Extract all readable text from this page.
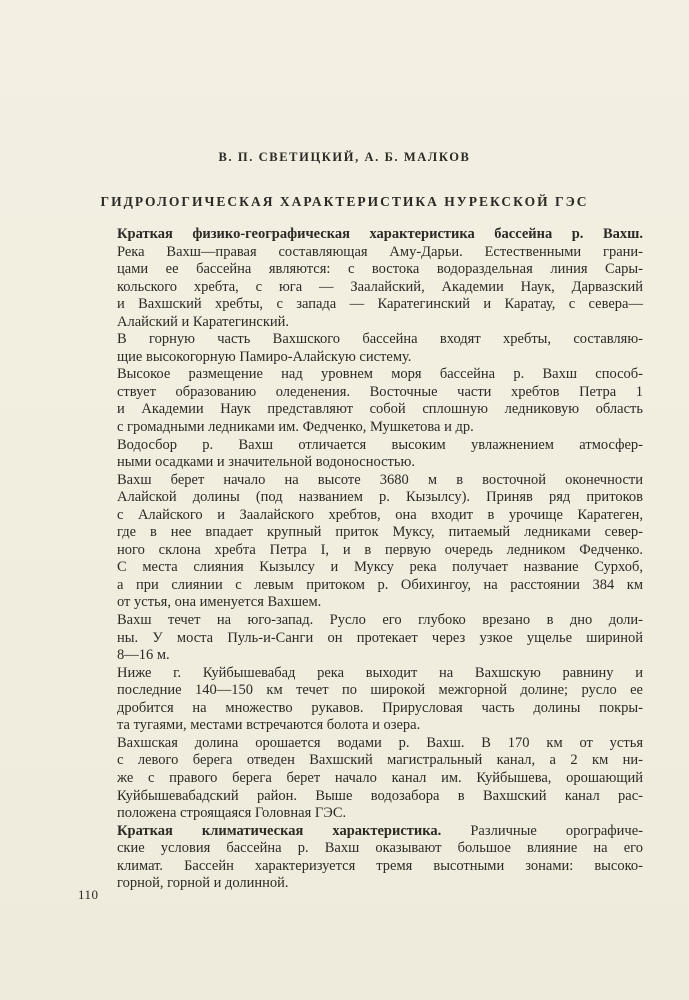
В. П. СВЕТИЦКИЙ, А. Б. МАЛКОВ
ГИДРОЛОГИЧЕСКАЯ ХАРАКТЕРИСТИКА НУРЕКСКОЙ ГЭС
Краткая физико-географическая характеристика бассейна р. Вахш.
Река Вахш—правая составляющая Аму-Дарьи. Естественными грани-
цами ее бассейна являются: с востока водораздельная линия Сары-
кольского хребта, с юга — Заалайский, Академии Наук, Дарвазский
и Вахшский хребты, с запада — Каратегинский и Каратау, с севера—
Алайский и Каратегинский.
В горную часть Вахшского бассейна входят хребты, составляю-
щие высокогорную Памиро-Алайскую систему.
Высокое размещение над уровнем моря бассейна р. Вахш способ-
ствует образованию оледенения. Восточные части хребтов Петра 1
и Академии Наук представляют собой сплошную ледниковую область
с громадными ледниками им. Федченко, Мушкетова и др.
Водосбор р. Вахш отличается высоким увлажнением атмосфер-
ными осадками и значительной водоносностью.
Вахш берет начало на высоте 3680 м в восточной оконечности
Алайской долины (под названием р. Кызылсу). Приняв ряд притоков
с Алайского и Заалайского хребтов, она входит в урочище Каратеген,
где в нее впадает крупный приток Муксу, питаемый ледниками север-
ного склона хребта Петра I, и в первую очередь ледником Федченко.
С места слияния Кызылсу и Муксу река получает название Сурхоб,
а при слиянии с левым притоком р. Обихингоу, на расстоянии 384 км
от устья, она именуется Вахшем.
Вахш течет на юго-запад. Русло его глубоко врезано в дно доли-
ны. У моста Пуль-и-Санги он протекает через узкое ущелье шириной
8—16 м.
Ниже г. Куйбышевабад река выходит на Вахшскую равнину и
последние 140—150 км течет по широкой межгорной долине; русло ее
дробится на множество рукавов. Прирусловая часть долины покры-
та тугаями, местами встречаются болота и озера.
Вахшская долина орошается водами р. Вахш. В 170 км от устья
с левого берега отведен Вахшский магистральный канал, а 2 км ни-
же с правого берега берет начало канал им. Куйбышева, орошающий
Куйбышевабадский район. Выше водозабора в Вахшский канал рас-
положена строящаяся Головная ГЭС.
Краткая климатическая характеристика. Различные орографиче-
ские условия бассейна р. Вахш оказывают большое влияние на его
климат. Бассейн характеризуется тремя высотными зонами: высоко-
горной, горной и долинной.
110
